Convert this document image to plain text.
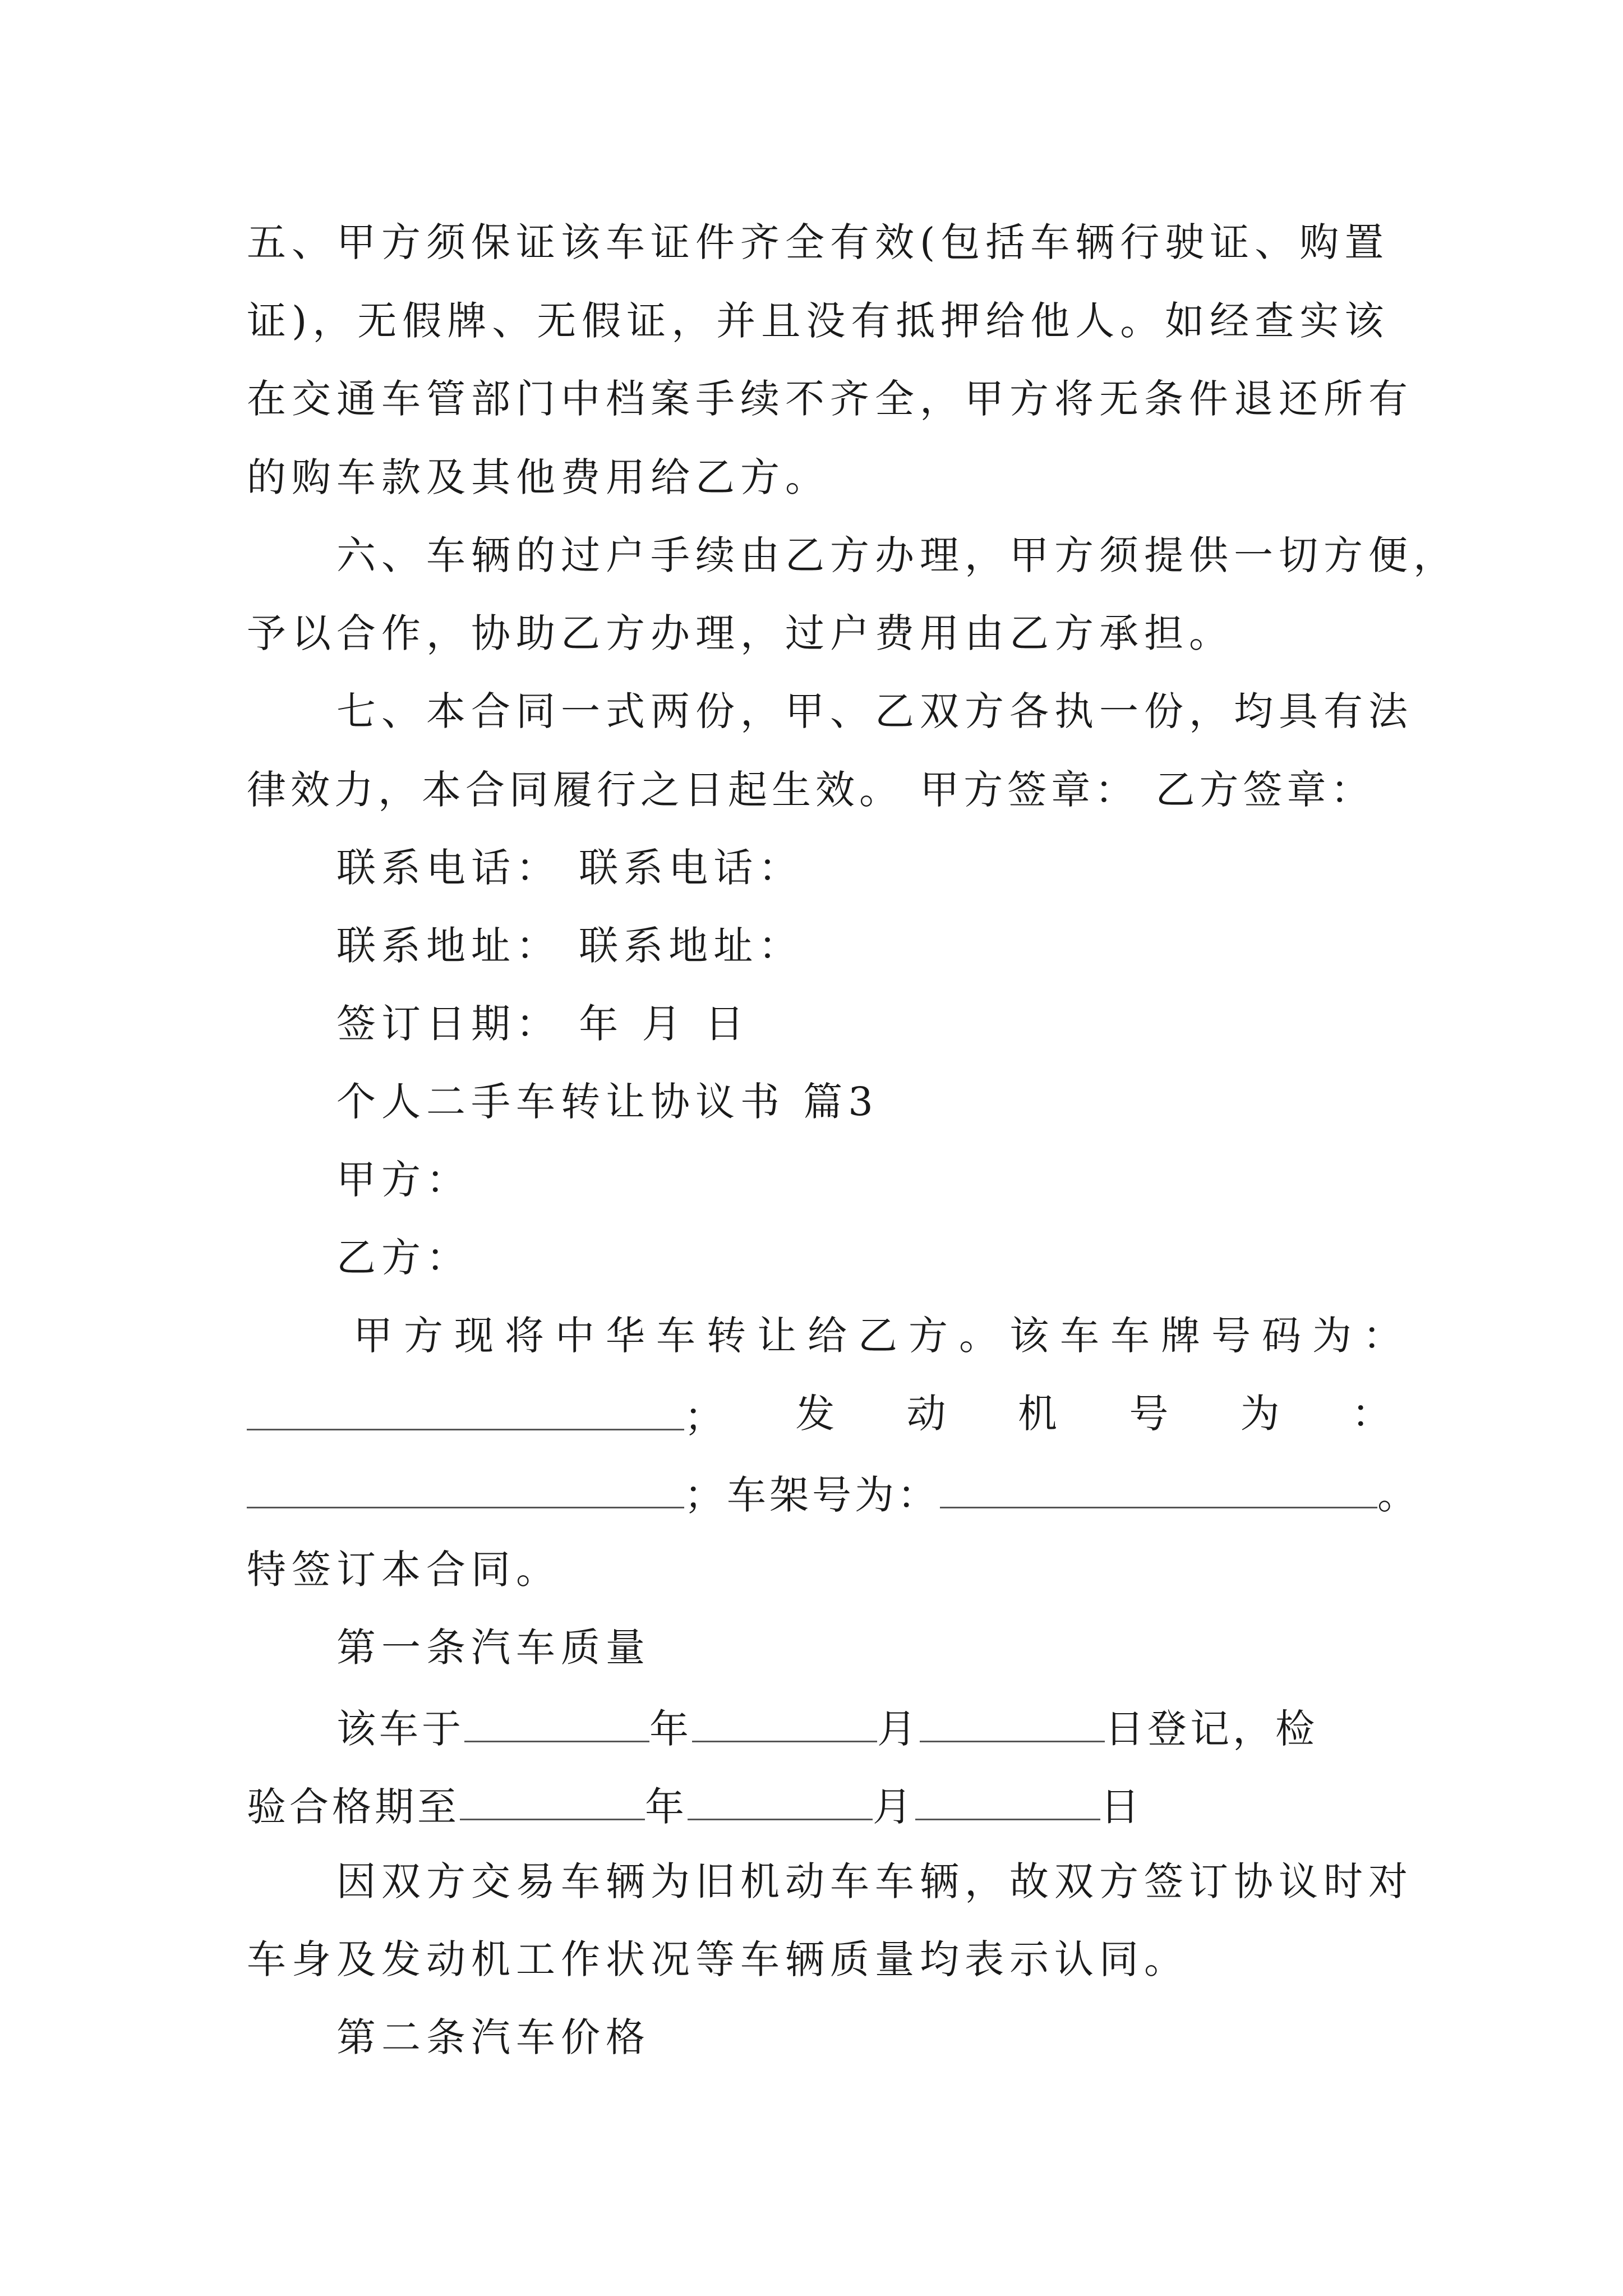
五、甲方须保证该车证件齐全有效(包括车辆行驶证、购置
证)，无假牌、无假证，并且没有抵押给他人。如经查实该
在交通车管部门中档案手续不齐全，甲方将无条件退还所有
的购车款及其他费用给乙方。
六、车辆的过户手续由乙方办理，甲方须提供一切方便，
予以合作，协助乙方办理，过户费用由乙方承担。
七、本合同一式两份，甲、乙双方各执一份，均具有法
律效力，本合同履行之日起生效。 甲方签章： 乙方签章：
联系电话： 联系电话：
联系地址： 联系地址：
签订日期： 年 月 日
个人二手车转让协议书 篇3
甲方：
乙方：
甲方现将中华车转让给乙方。该车车牌号码为：
； 发 动 机 号 为 ：
；车架号为：	。
特签订本合同。
第一条汽车质量
该车于	年	月	日登记，检
验合格期至	年	月	日
因双方交易车辆为旧机动车车辆，故双方签订协议时对
车身及发动机工作状况等车辆质量均表示认同。
第二条汽车价格
